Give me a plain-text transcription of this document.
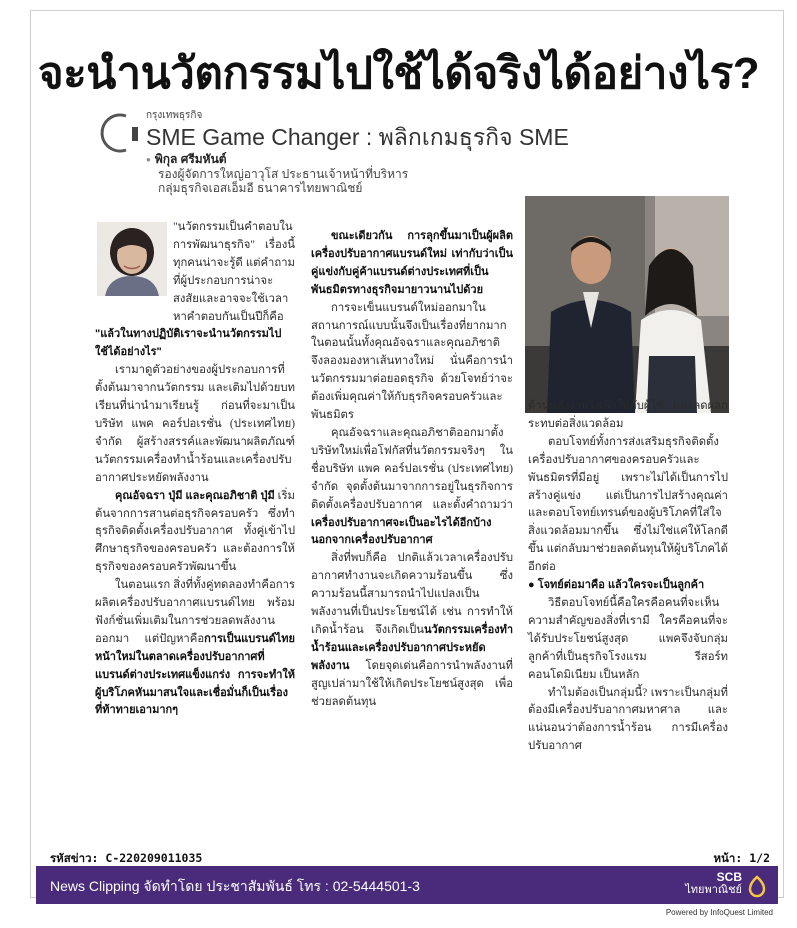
จะนำนวัตกรรมไปใช้ได้จริงได้อย่างไร?
กรุงเทพธุรกิจ
SME Game Changer : พลิกเกมธุรกิจ SME
● พิกุล ศรีมหันต์
รองผู้จัดการใหญ่อาวุโส ประธานเจ้าหน้าที่บริหาร
กลุ่มธุรกิจเอสเอ็มอี ธนาคารไทยพาณิชย์

"นวัตกรรมเป็นคำตอบในการพัฒนาธุรกิจ" เรื่องนี้ทุกคนน่าจะรู้ดี แต่คำถามที่ผู้ประกอบการน่าจะสงสัยและอาจจะใช้เวลาหาคำตอบกันเป็นปีก็คือ

"แล้วในทางปฏิบัติเราจะนำนวัตกรรมไปใช้ได้อย่างไร"

เรามาดูตัวอย่างของผู้ประกอบการที่ตั้งต้นมาจากนวัตกรรม และเติมไปด้วยบทเรียนที่น่านำมาเรียนรู้ ก่อนที่จะมาเป็น บริษัท แพค คอร์ปอเรชั่น (ประเทศไทย) จำกัด ผู้สร้างสรรค์และพัฒนาผลิตภัณฑ์นวัตกรรมเครื่องทำน้ำร้อนและเครื่องปรับอากาศประหยัดพลังงาน

คุณอัจฉรา ปุ่มี และคุณอภิชาติ ปุ่มี เริ่มต้นจากการสานต่อธุรกิจครอบครัว ซึ่งทำธุรกิจติดตั้งเครื่องปรับอากาศ ทั้งคู่เข้าไปศึกษาธุรกิจของครอบครัว และต้องการให้ธุรกิจของครอบครัวพัฒนาขึ้น

ในตอนแรก สิ่งที่ทั้งคู่ทดลองทำคือการผลิตเครื่องปรับอากาศแบรนด์ไทย พร้อมฟังก์ชั่นเพิ่มเติมในการช่วยลดพลังงานออกมา แต่ปัญหาคือการเป็นแบรนด์ไทยหน้าใหม่ในตลาดเครื่องปรับอากาศที่แบรนด์ต่างประเทศแข็งแกร่ง การจะทำให้ผู้บริโภคหันมาสนใจและเชื่อมั่นก็เป็นเรื่องที่ท้าทายเอามากๆ

ขณะเดียวกัน การลุกขึ้นมาเป็นผู้ผลิตเครื่องปรับอากาศแบรนด์ใหม่ เท่ากับว่าเป็นคู่แข่งกับคู่ค้าแบรนด์ต่างประเทศที่เป็นพันธมิตรทางธุรกิจมายาวนานไปด้วย

การจะเข็นแบรนด์ใหม่ออกมาในสถานการณ์แบบนั้นจึงเป็นเรื่องที่ยากมาก ในตอนนั้นทั้งคุณอัจฉราและคุณอภิชาติ จึงลองมองหาเส้นทางใหม่ นั่นคือการนำนวัตกรรมมาต่อยอดธุรกิจ ด้วยโจทย์ว่าจะต้องเพิ่มคุณค่าให้กับธุรกิจครอบครัวและพันธมิตร

คุณอัจฉราและคุณอภิชาติออกมาตั้งบริษัทใหม่เพื่อโฟกัสที่นวัตกรรมจริงๆ ในชื่อบริษัท แพค คอร์ปอเรชั่น (ประเทศไทย) จำกัด จุดตั้งต้นมาจากการอยู่ในธุรกิจการติดตั้งเครื่องปรับอากาศ และตั้งคำถามว่าเครื่องปรับอากาศจะเป็นอะไรได้อีกบ้างนอกจากเครื่องปรับอากาศ

สิ่งที่พบก็คือ ปกติแล้วเวลาเครื่องปรับอากาศทำงานจะเกิดความร้อนขึ้น ซึ่งความร้อนนี้สามารถนำไปแปลงเป็นพลังงานที่เป็นประโยชน์ได้ เช่น การทำให้เกิดน้ำร้อน จึงเกิดเป็นนวัตกรรมเครื่องทำน้ำร้อนและเครื่องปรับอากาศประหยัดพลังงาน โดยจุดเด่นคือการนำพลังงานที่สูญเปล่ามาใช้ให้เกิดประโยชน์สูงสุด เพื่อช่วยลดต้นทุน

ด้านพลังงานไฟฟ้าให้กับผู้ใช้ และลดผลกระทบต่อสิ่งแวดล้อม

ตอบโจทย์ทั้งการส่งเสริมธุรกิจติดตั้งเครื่องปรับอากาศของครอบครัวและพันธมิตรที่มีอยู่ เพราะไม่ได้เป็นการไปสร้างคู่แข่ง แต่เป็นการไปสร้างคุณค่า และตอบโจทย์เทรนด์ของผู้บริโภคที่ใส่ใจสิ่งแวดล้อมมากขึ้น ซึ่งไม่ใช่แค่ให้โลกดีขึ้น แต่กลับมาช่วยลดต้นทุนให้ผู้บริโภคได้อีกต่อ

● โจทย์ต่อมาคือ แล้วใครจะเป็นลูกค้า

วิธีตอบโจทย์นี้คือใครคือคนที่จะเห็นความสำคัญของสิ่งที่เรามี ใครคือคนที่จะได้รับประโยชน์สูงสุด แพคจึงจับกลุ่มลูกค้าที่เป็นธุรกิจโรงแรม รีสอร์ท คอนโดมิเนียม เป็นหลัก

ทำไมต้องเป็นกลุ่มนี้? เพราะเป็นกลุ่มที่ต้องมีเครื่องปรับอากาศมหาศาล และแน่นอนว่าต้องการน้ำร้อน การมีเครื่องปรับอากาศ

รหัสข่าว: C-220209011035	หน้า: 1/2
News Clipping จัดทำโดย ประชาสัมพันธ์ โทร : 02-5444501-3
SCB
ไทยพาณิชย์
Powered by InfoQuest Limited
